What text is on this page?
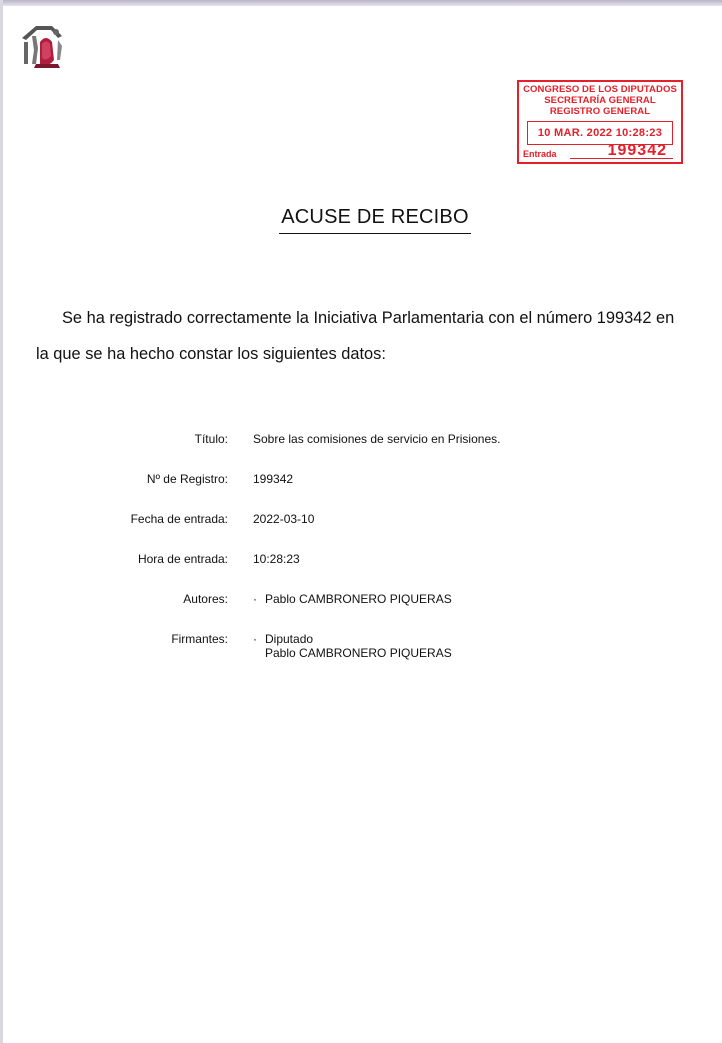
CONGRESO DE LOS DIPUTADOS
SECRETARÍA GENERAL
REGISTRO GENERAL
10 MAR. 2022 10:28:23
Entrada	199342
ACUSE DE RECIBO
Se ha registrado correctamente la Iniciativa Parlamentaria con el número 199342 en
la que se ha hecho constar los siguientes datos:
Título: Sobre las comisiones de servicio en Prisiones.
Nº de Registro: 199342
Fecha de entrada: 2022-03-10
Hora de entrada: 10:28:23
Autores: · Pablo CAMBRONERO PIQUERAS
Firmantes: · Diputado
Pablo CAMBRONERO PIQUERAS
